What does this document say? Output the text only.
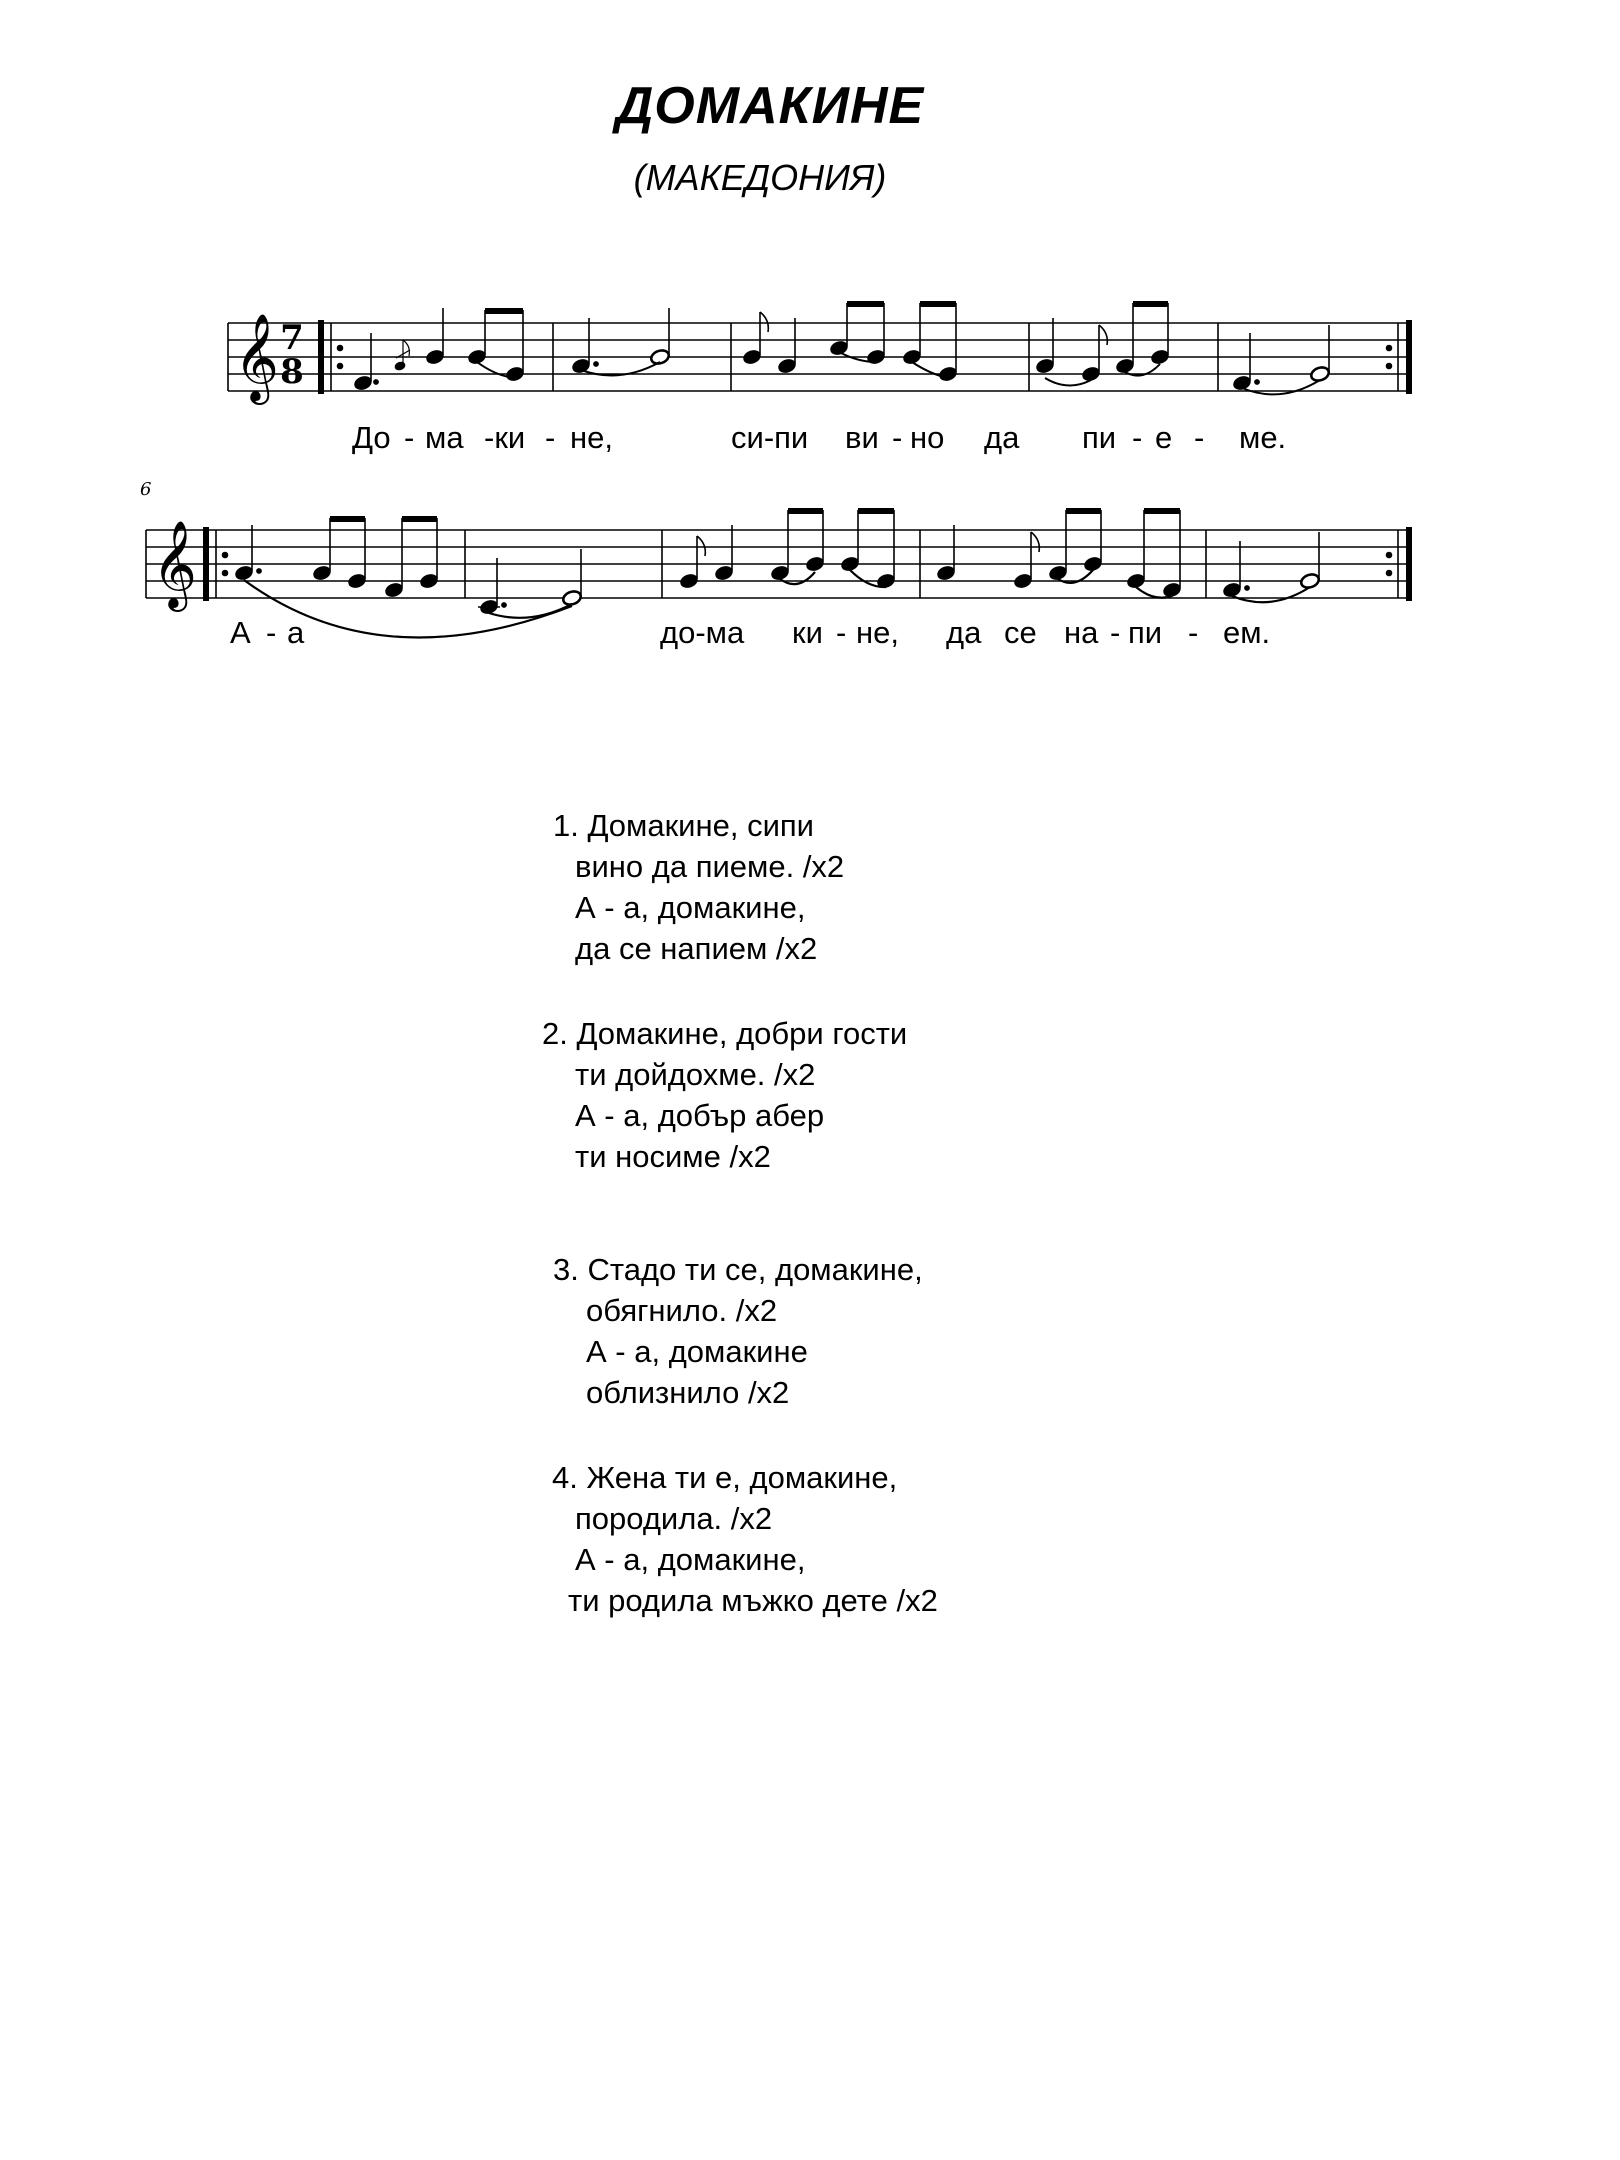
ДОМАКИНЕ
(МАКЕДОНИЯ)
𝄞 7
8
До - ма -ки - не,	си-пи ви - но да пи - е - ме.
6
𝄞
А - а	до-ма ки - не, да се на - пи - ем.
1. Домакине, сипи
вино да пиеме. /x2
А - а, домакине,
да се напием /x2
2. Домакине, добри гости
ти дойдохме. /x2
А - а, добър абер
ти носиме /x2
3. Стадо ти се, домакине,
обягнило. /x2
А - а, домакине
облизнило /x2
4. Жена ти е, домакине,
породила. /x2
А - а, домакине,
ти родила мъжко дете /x2
